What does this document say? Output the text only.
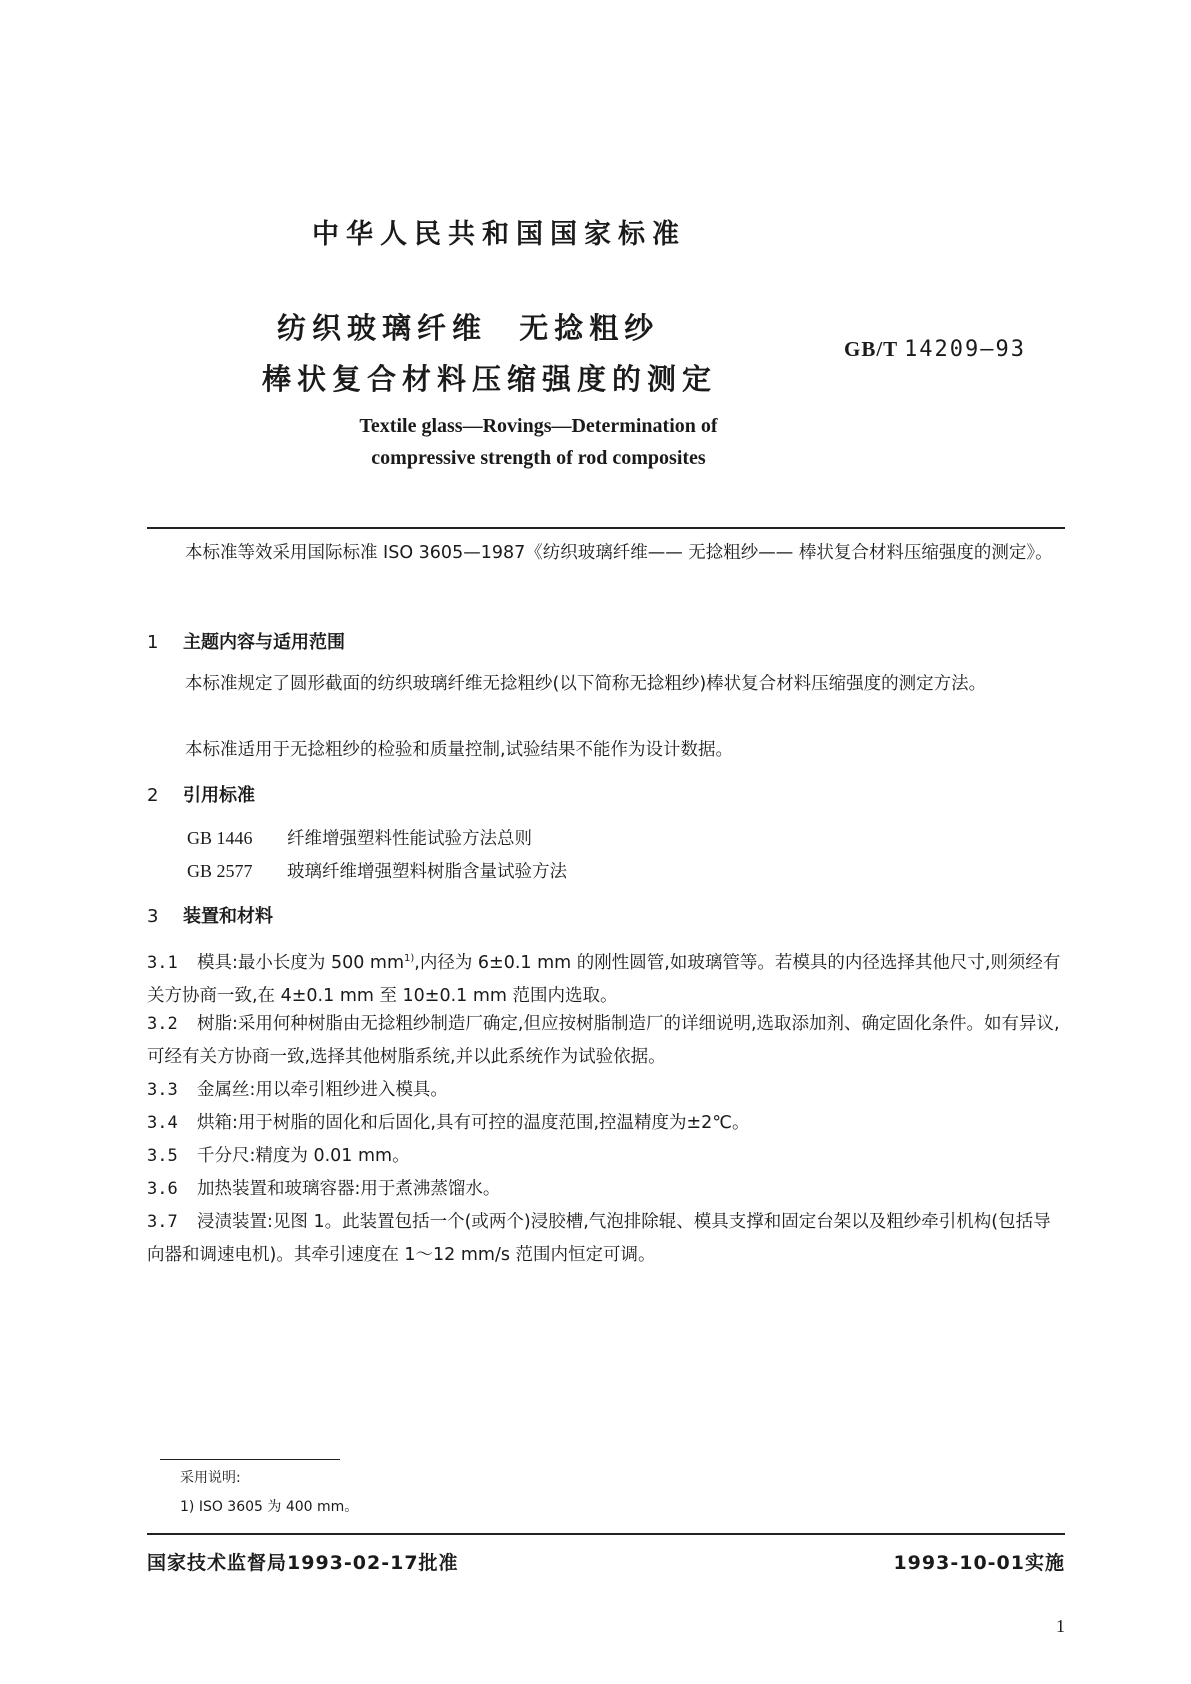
中华人民共和国国家标准
纺织玻璃纤维  无捻粗纱
棒状复合材料压缩强度的测定
GB/T 14209—93
Textile glass—Rovings—Determination of
compressive strength of rod composites

本标准等效采用国际标准 ISO 3605—1987《纺织玻璃纤维—— 无捻粗纱—— 棒状复合材料压缩强度的测定》。

1 主题内容与适用范围

本标准规定了圆形截面的纺织玻璃纤维无捻粗纱(以下简称无捻粗纱)棒状复合材料压缩强度的测定方法。

本标准适用于无捻粗纱的检验和质量控制,试验结果不能作为设计数据。

2 引用标准
GB 1446 纤维增强塑料性能试验方法总则
GB 2577 玻璃纤维增强塑料树脂含量试验方法
3 装置和材料

3.1 模具:最小长度为 500 $mm^{1)}$,内径为 6±0.1 mm 的刚性圆管,如玻璃管等。若模具的内径选择其他尺寸,则须经有关方协商一致,在 4±0.1 mm 至 10±0.1 mm 范围内选取。

3.2 树脂:采用何种树脂由无捻粗纱制造厂确定,但应按树脂制造厂的详细说明,选取添加剂、确定固化条件。如有异议,可经有关方协商一致,选择其他树脂系统,并以此系统作为试验依据。

3.3 金属丝:用以牵引粗纱进入模具。

3.4 烘箱:用于树脂的固化和后固化,具有可控的温度范围,控温精度为±2℃。

3.5 千分尺:精度为 0.01 mm。

3.6 加热装置和玻璃容器:用于煮沸蒸馏水。

3.7 浸渍装置:见图 1。此装置包括一个(或两个)浸胶槽,气泡排除辊、模具支撑和固定台架以及粗纱牵引机构(包括导向器和调速电机)。其牵引速度在 1～12 mm/s 范围内恒定可调。

采用说明:
1) ISO 3605 为 400 mm。
国家技术监督局1993-02-17批准	1993-10-01实施
1
